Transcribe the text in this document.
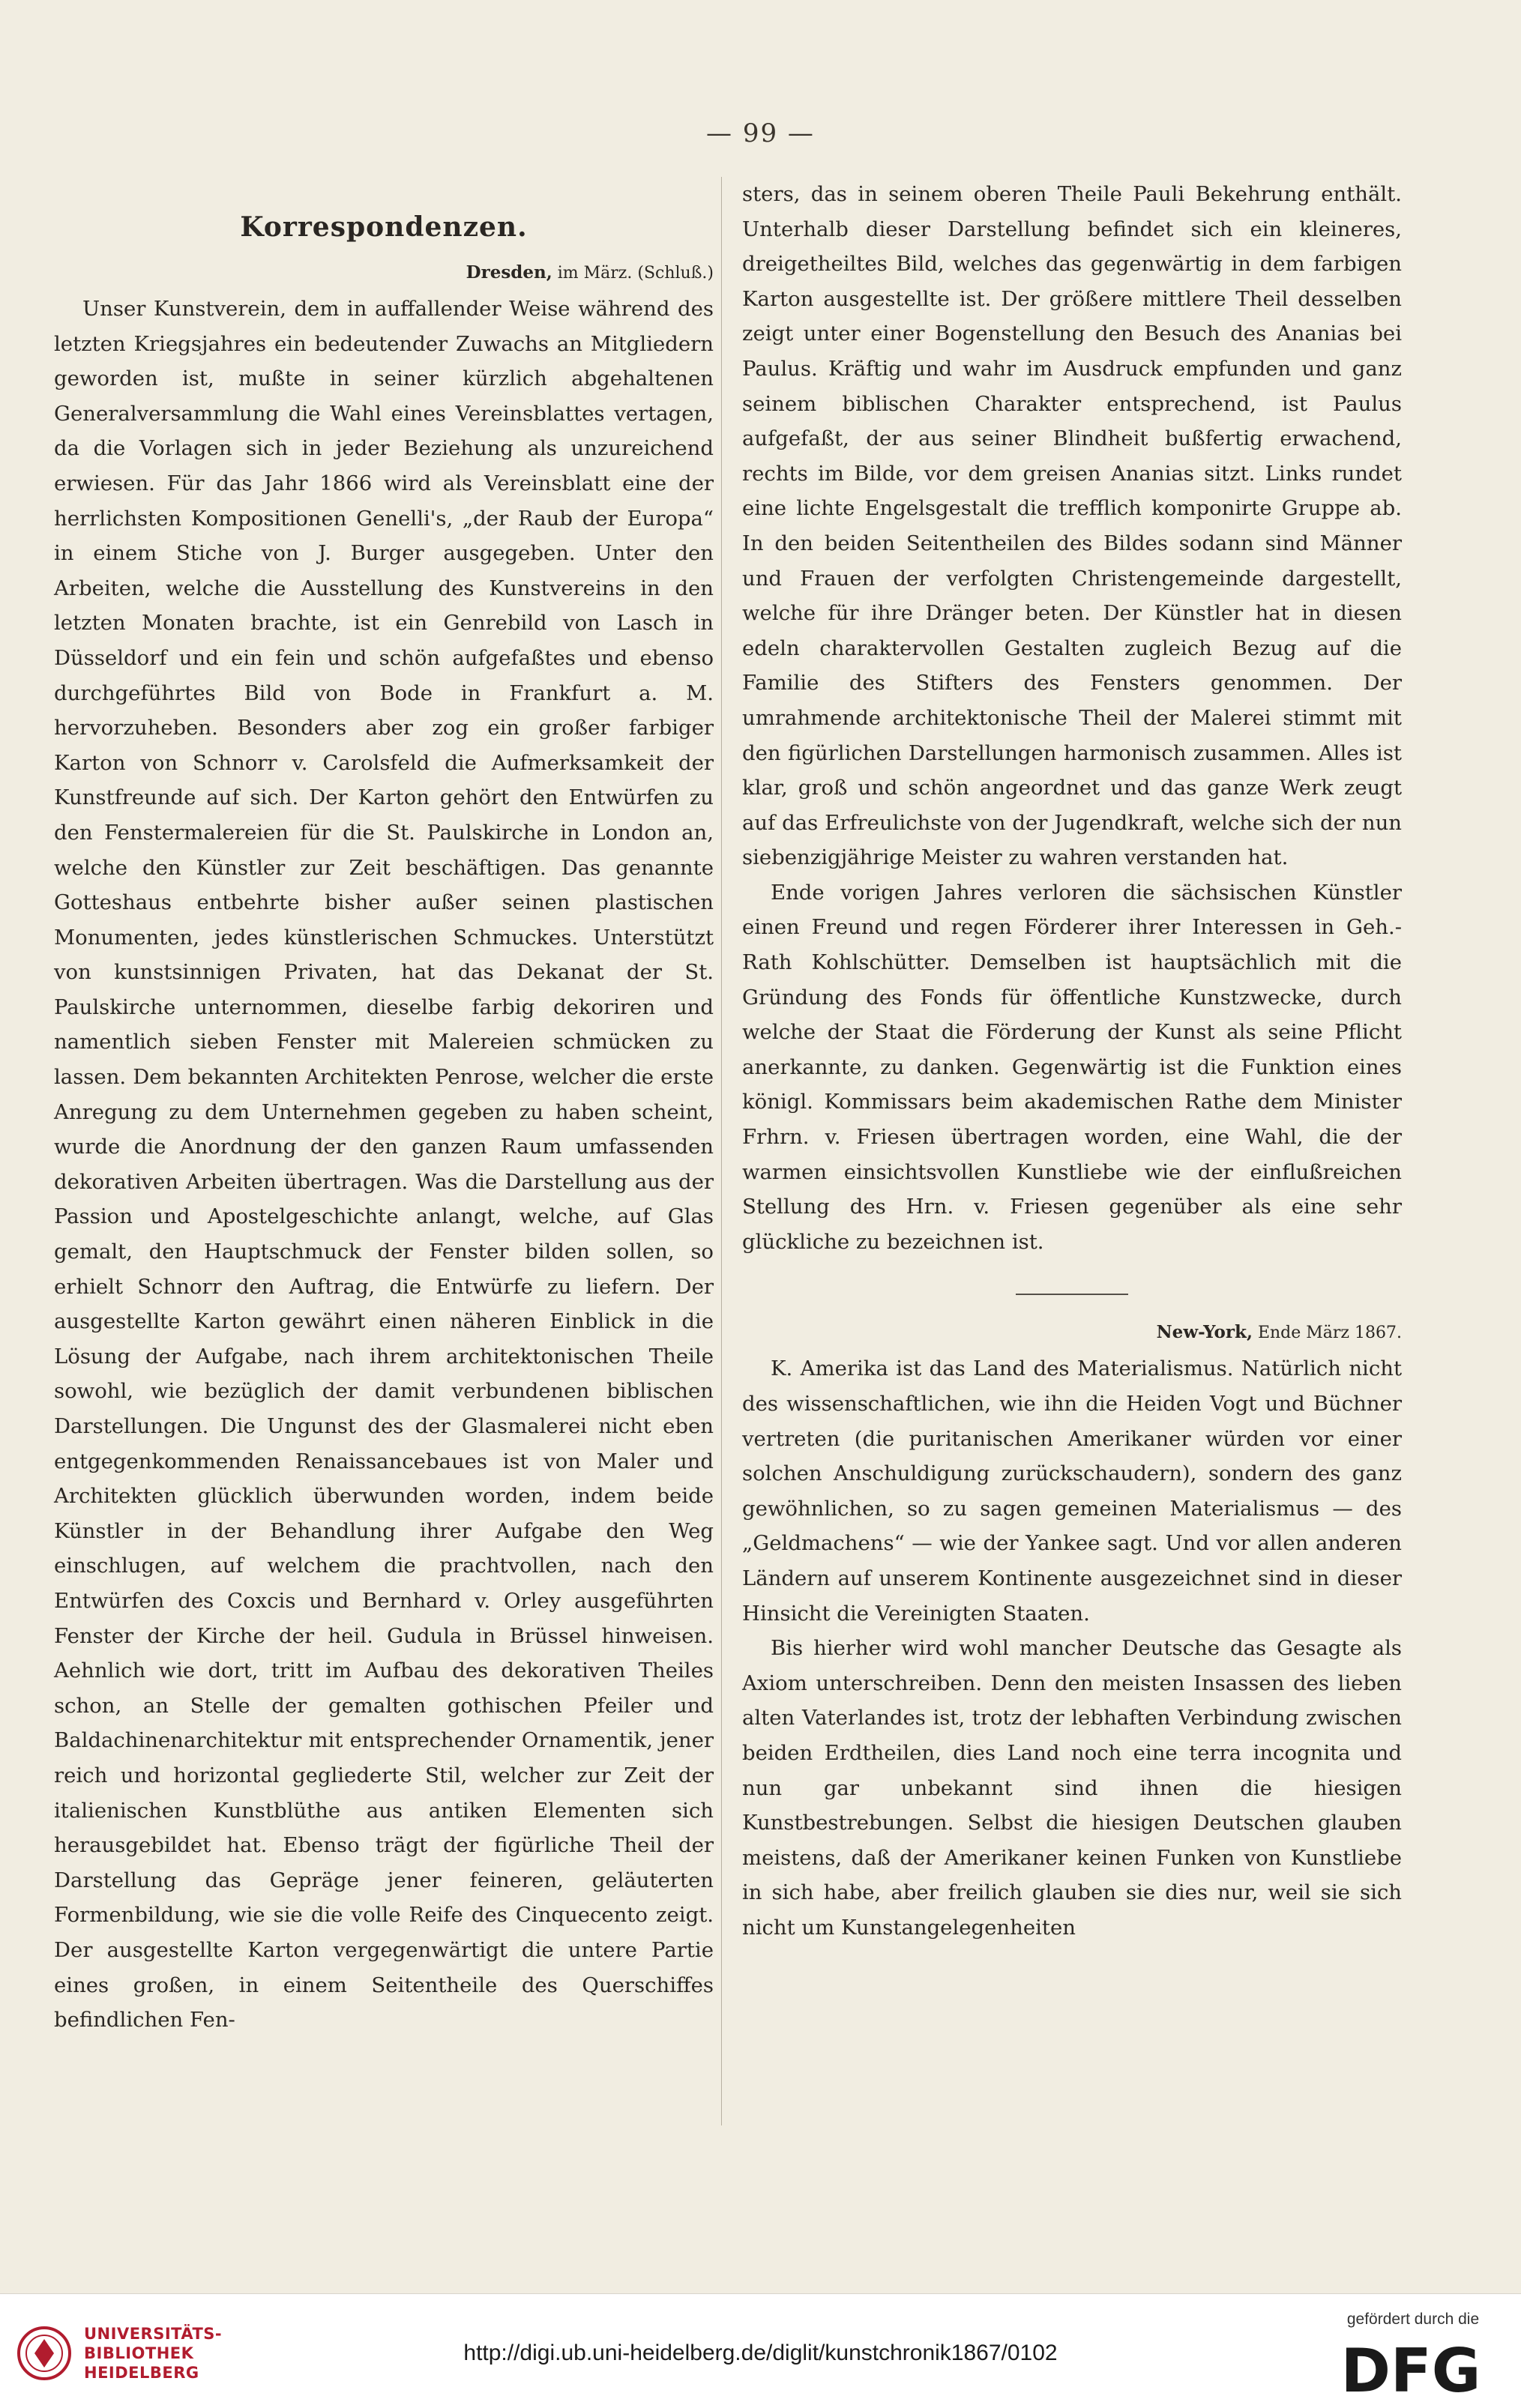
— 99 —
Korrespondenzen.
Dresden, im März. (Schluß.)

Unser Kunstverein, dem in auffallender Weise während des letzten Kriegsjahres ein bedeutender Zuwachs an Mitgliedern geworden ist, mußte in seiner kürzlich abgehaltenen Generalversammlung die Wahl eines Vereinsblattes vertagen, da die Vorlagen sich in jeder Beziehung als unzureichend erwiesen. Für das Jahr 1866 wird als Vereinsblatt eine der herrlichsten Kompositionen Genelli's, „der Raub der Europa“ in einem Stiche von J. Burger ausgegeben. Unter den Arbeiten, welche die Ausstellung des Kunstvereins in den letzten Monaten brachte, ist ein Genrebild von Lasch in Düsseldorf und ein fein und schön aufgefaßtes und ebenso durchgeführtes Bild von Bode in Frankfurt a. M. hervorzuheben. Besonders aber zog ein großer farbiger Karton von Schnorr v. Carolsfeld die Aufmerksamkeit der Kunstfreunde auf sich. Der Karton gehört den Entwürfen zu den Fenstermalereien für die St. Paulskirche in London an, welche den Künstler zur Zeit beschäftigen. Das genannte Gotteshaus entbehrte bisher außer seinen plastischen Monumenten, jedes künstlerischen Schmuckes. Unterstützt von kunstsinnigen Privaten, hat das Dekanat der St. Paulskirche unternommen, dieselbe farbig dekoriren und namentlich sieben Fenster mit Malereien schmücken zu lassen. Dem bekannten Architekten Penrose, welcher die erste Anregung zu dem Unternehmen gegeben zu haben scheint, wurde die Anordnung der den ganzen Raum umfassenden dekorativen Arbeiten übertragen. Was die Darstellung aus der Passion und Apostelgeschichte anlangt, welche, auf Glas gemalt, den Hauptschmuck der Fenster bilden sollen, so erhielt Schnorr den Auftrag, die Entwürfe zu liefern. Der ausgestellte Karton gewährt einen näheren Einblick in die Lösung der Aufgabe, nach ihrem architektonischen Theile sowohl, wie bezüglich der damit verbundenen biblischen Darstellungen. Die Ungunst des der Glasmalerei nicht eben entgegenkommenden Renaissancebaues ist von Maler und Architekten glücklich überwunden worden, indem beide Künstler in der Behandlung ihrer Aufgabe den Weg einschlugen, auf welchem die prachtvollen, nach den Entwürfen des Coxcis und Bernhard v. Orley ausgeführten Fenster der Kirche der heil. Gudula in Brüssel hinweisen. Aehnlich wie dort, tritt im Aufbau des dekorativen Theiles schon, an Stelle der gemalten gothischen Pfeiler und Baldachinenarchitektur mit entsprechender Ornamentik, jener reich und horizontal gegliederte Stil, welcher zur Zeit der italienischen Kunstblüthe aus antiken Elementen sich herausgebildet hat. Ebenso trägt der figürliche Theil der Darstellung das Gepräge jener feineren, geläuterten Formenbildung, wie sie die volle Reife des Cinquecento zeigt. Der ausgestellte Karton vergegenwärtigt die untere Partie eines großen, in einem Seitentheile des Querschiffes befindlichen Fen-

sters, das in seinem oberen Theile Pauli Bekehrung enthält. Unterhalb dieser Darstellung befindet sich ein kleineres, dreigetheiltes Bild, welches das gegenwärtig in dem farbigen Karton ausgestellte ist. Der größere mittlere Theil desselben zeigt unter einer Bogenstellung den Besuch des Ananias bei Paulus. Kräftig und wahr im Ausdruck empfunden und ganz seinem biblischen Charakter entsprechend, ist Paulus aufgefaßt, der aus seiner Blindheit bußfertig erwachend, rechts im Bilde, vor dem greisen Ananias sitzt. Links rundet eine lichte Engelsgestalt die trefflich komponirte Gruppe ab. In den beiden Seitentheilen des Bildes sodann sind Männer und Frauen der verfolgten Christengemeinde dargestellt, welche für ihre Dränger beten. Der Künstler hat in diesen edeln charaktervollen Gestalten zugleich Bezug auf die Familie des Stifters des Fensters genommen. Der umrahmende architektonische Theil der Malerei stimmt mit den figürlichen Darstellungen harmonisch zusammen. Alles ist klar, groß und schön angeordnet und das ganze Werk zeugt auf das Erfreulichste von der Jugendkraft, welche sich der nun siebenzigjährige Meister zu wahren verstanden hat.

Ende vorigen Jahres verloren die sächsischen Künstler einen Freund und regen Förderer ihrer Interessen in Geh.-Rath Kohlschütter. Demselben ist hauptsächlich mit die Gründung des Fonds für öffentliche Kunstzwecke, durch welche der Staat die Förderung der Kunst als seine Pflicht anerkannte, zu danken. Gegenwärtig ist die Funktion eines königl. Kommissars beim akademischen Rathe dem Minister Frhrn. v. Friesen übertragen worden, eine Wahl, die der warmen einsichtsvollen Kunstliebe wie der einflußreichen Stellung des Hrn. v. Friesen gegenüber als eine sehr glückliche zu bezeichnen ist.

New-York, Ende März 1867.

K. Amerika ist das Land des Materialismus. Natürlich nicht des wissenschaftlichen, wie ihn die Heiden Vogt und Büchner vertreten (die puritanischen Amerikaner würden vor einer solchen Anschuldigung zurückschaudern), sondern des ganz gewöhnlichen, so zu sagen gemeinen Materialismus — des „Geldmachens“ — wie der Yankee sagt. Und vor allen anderen Ländern auf unserem Kontinente ausgezeichnet sind in dieser Hinsicht die Vereinigten Staaten.

Bis hierher wird wohl mancher Deutsche das Gesagte als Axiom unterschreiben. Denn den meisten Insassen des lieben alten Vaterlandes ist, trotz der lebhaften Verbindung zwischen beiden Erdtheilen, dies Land noch eine terra incognita und nun gar unbekannt sind ihnen die hiesigen Kunstbestrebungen. Selbst die hiesigen Deutschen glauben meistens, daß der Amerikaner keinen Funken von Kunstliebe in sich habe, aber freilich glauben sie dies nur, weil sie sich nicht um Kunstangelegenheiten

UNIVERSITÄTS-
BIBLIOTHEK
HEIDELBERG
http://digi.ub.uni-heidelberg.de/diglit/kunstchronik1867/0102
gefördert durch die
DFG
